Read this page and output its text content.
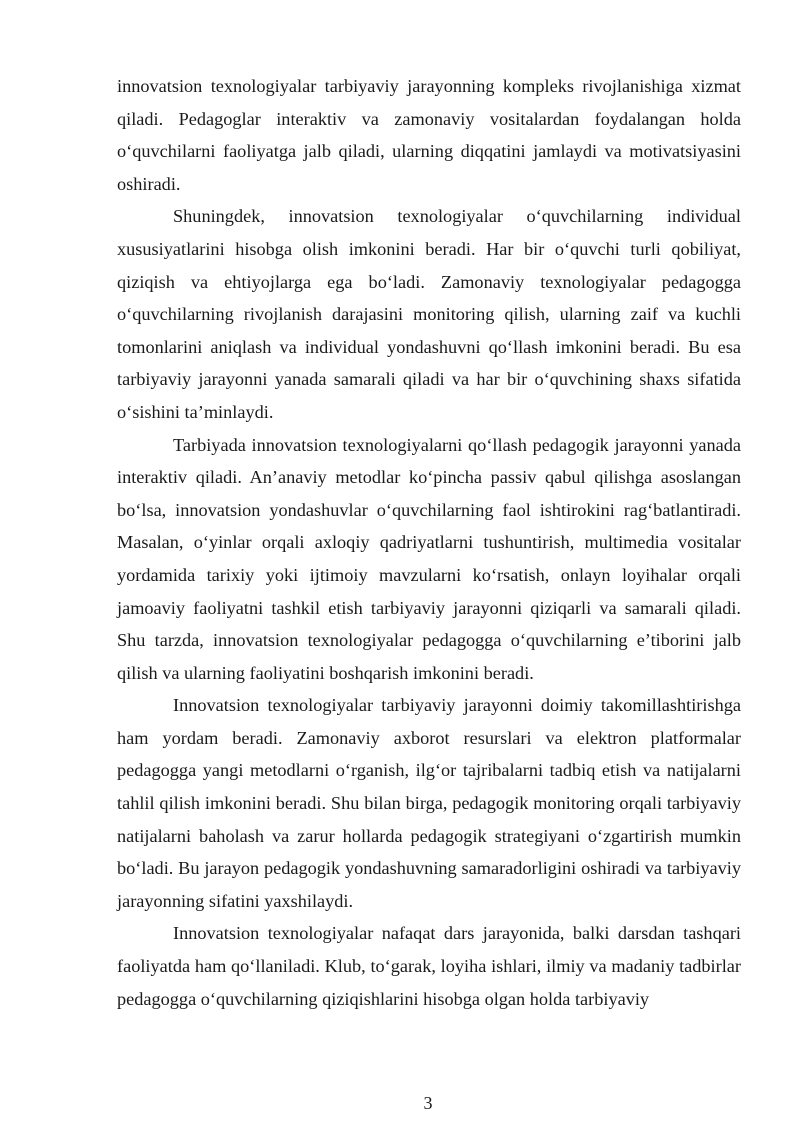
innovatsion texnologiyalar tarbiyaviy jarayonning kompleks rivojlanishiga xizmat qiladi. Pedagoglar interaktiv va zamonaviy vositalardan foydalangan holda o‘quvchilarni faoliyatga jalb qiladi, ularning diqqatini jamlaydi va motivatsiyasini oshiradi.

Shuningdek, innovatsion texnologiyalar o‘quvchilarning individual xususiyatlarini hisobga olish imkonini beradi. Har bir o‘quvchi turli qobiliyat, qiziqish va ehtiyojlarga ega bo‘ladi. Zamonaviy texnologiyalar pedagogga o‘quvchilarning rivojlanish darajasini monitoring qilish, ularning zaif va kuchli tomonlarini aniqlash va individual yondashuvni qo‘llash imkonini beradi. Bu esa tarbiyaviy jarayonni yanada samarali qiladi va har bir o‘quvchining shaxs sifatida o‘sishini ta’minlaydi.

Tarbiyada innovatsion texnologiyalarni qo‘llash pedagogik jarayonni yanada interaktiv qiladi. An’anaviy metodlar ko‘pincha passiv qabul qilishga asoslangan bo‘lsa, innovatsion yondashuvlar o‘quvchilarning faol ishtirokini rag‘batlantiradi. Masalan, o‘yinlar orqali axloqiy qadriyatlarni tushuntirish, multimedia vositalar yordamida tarixiy yoki ijtimoiy mavzularni ko‘rsatish, onlayn loyihalar orqali jamoaviy faoliyatni tashkil etish tarbiyaviy jarayonni qiziqarli va samarali qiladi. Shu tarzda, innovatsion texnologiyalar pedagogga o‘quvchilarning e’tiborini jalb qilish va ularning faoliyatini boshqarish imkonini beradi.

Innovatsion texnologiyalar tarbiyaviy jarayonni doimiy takomillashtirishga ham yordam beradi. Zamonaviy axborot resurslari va elektron platformalar pedagogga yangi metodlarni o‘rganish, ilg‘or tajribalarni tadbiq etish va natijalarni tahlil qilish imkonini beradi. Shu bilan birga, pedagogik monitoring orqali tarbiyaviy natijalarni baholash va zarur hollarda pedagogik strategiyani o‘zgartirish mumkin bo‘ladi. Bu jarayon pedagogik yondashuvning samaradorligini oshiradi va tarbiyaviy jarayonning sifatini yaxshilaydi.

Innovatsion texnologiyalar nafaqat dars jarayonida, balki darsdan tashqari faoliyatda ham qo‘llaniladi. Klub, to‘garak, loyiha ishlari, ilmiy va madaniy tadbirlar pedagogga o‘quvchilarning qiziqishlarini hisobga olgan holda tarbiyaviy

3
